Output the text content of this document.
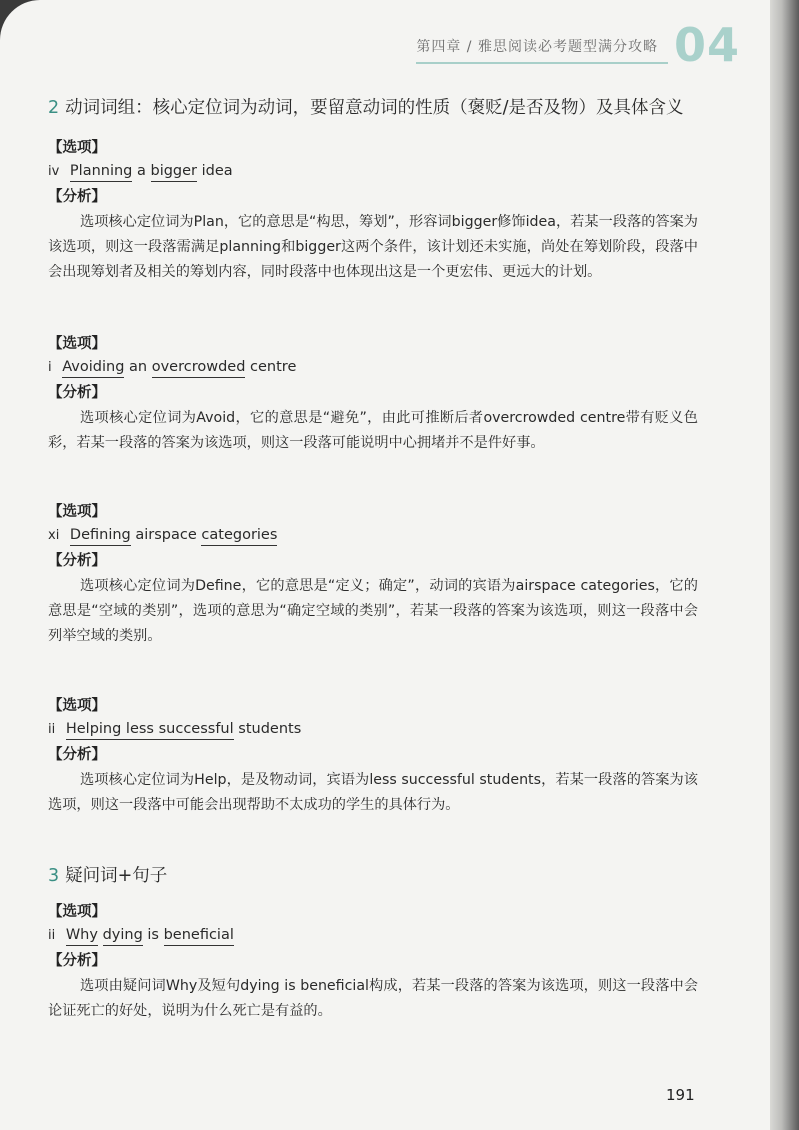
第四章 / 雅思阅读必考题型满分攻略 04

2 动词词组：核心定位词为动词，要留意动词的性质（褒贬/是否及物）及具体含义

【选项】

iv Planning a bigger idea

【分析】

选项核心定位词为Plan，它的意思是“构思，筹划”，形容词bigger修饰idea，若某一段落的答案为该选项，则这一段落需满足planning和bigger这两个条件，该计划还未实施，尚处在筹划阶段，段落中会出现筹划者及相关的筹划内容，同时段落中也体现出这是一个更宏伟、更远大的计划。

【选项】

i Avoiding an overcrowded centre

【分析】

选项核心定位词为Avoid，它的意思是“避免”，由此可推断后者overcrowded centre带有贬义色彩，若某一段落的答案为该选项，则这一段落可能说明中心拥堵并不是件好事。

【选项】

xi Defining airspace categories

【分析】

选项核心定位词为Define，它的意思是“定义；确定”，动词的宾语为airspace categories，它的意思是“空域的类别”，选项的意思为“确定空域的类别”，若某一段落的答案为该选项，则这一段落中会列举空域的类别。

【选项】

ii Helping less successful students

【分析】

选项核心定位词为Help，是及物动词，宾语为less successful students，若某一段落的答案为该选项，则这一段落中可能会出现帮助不太成功的学生的具体行为。

3 疑问词+句子

【选项】

ii Why dying is beneficial

【分析】

选项由疑问词Why及短句dying is beneficial构成，若某一段落的答案为该选项，则这一段落中会论证死亡的好处，说明为什么死亡是有益的。

191
